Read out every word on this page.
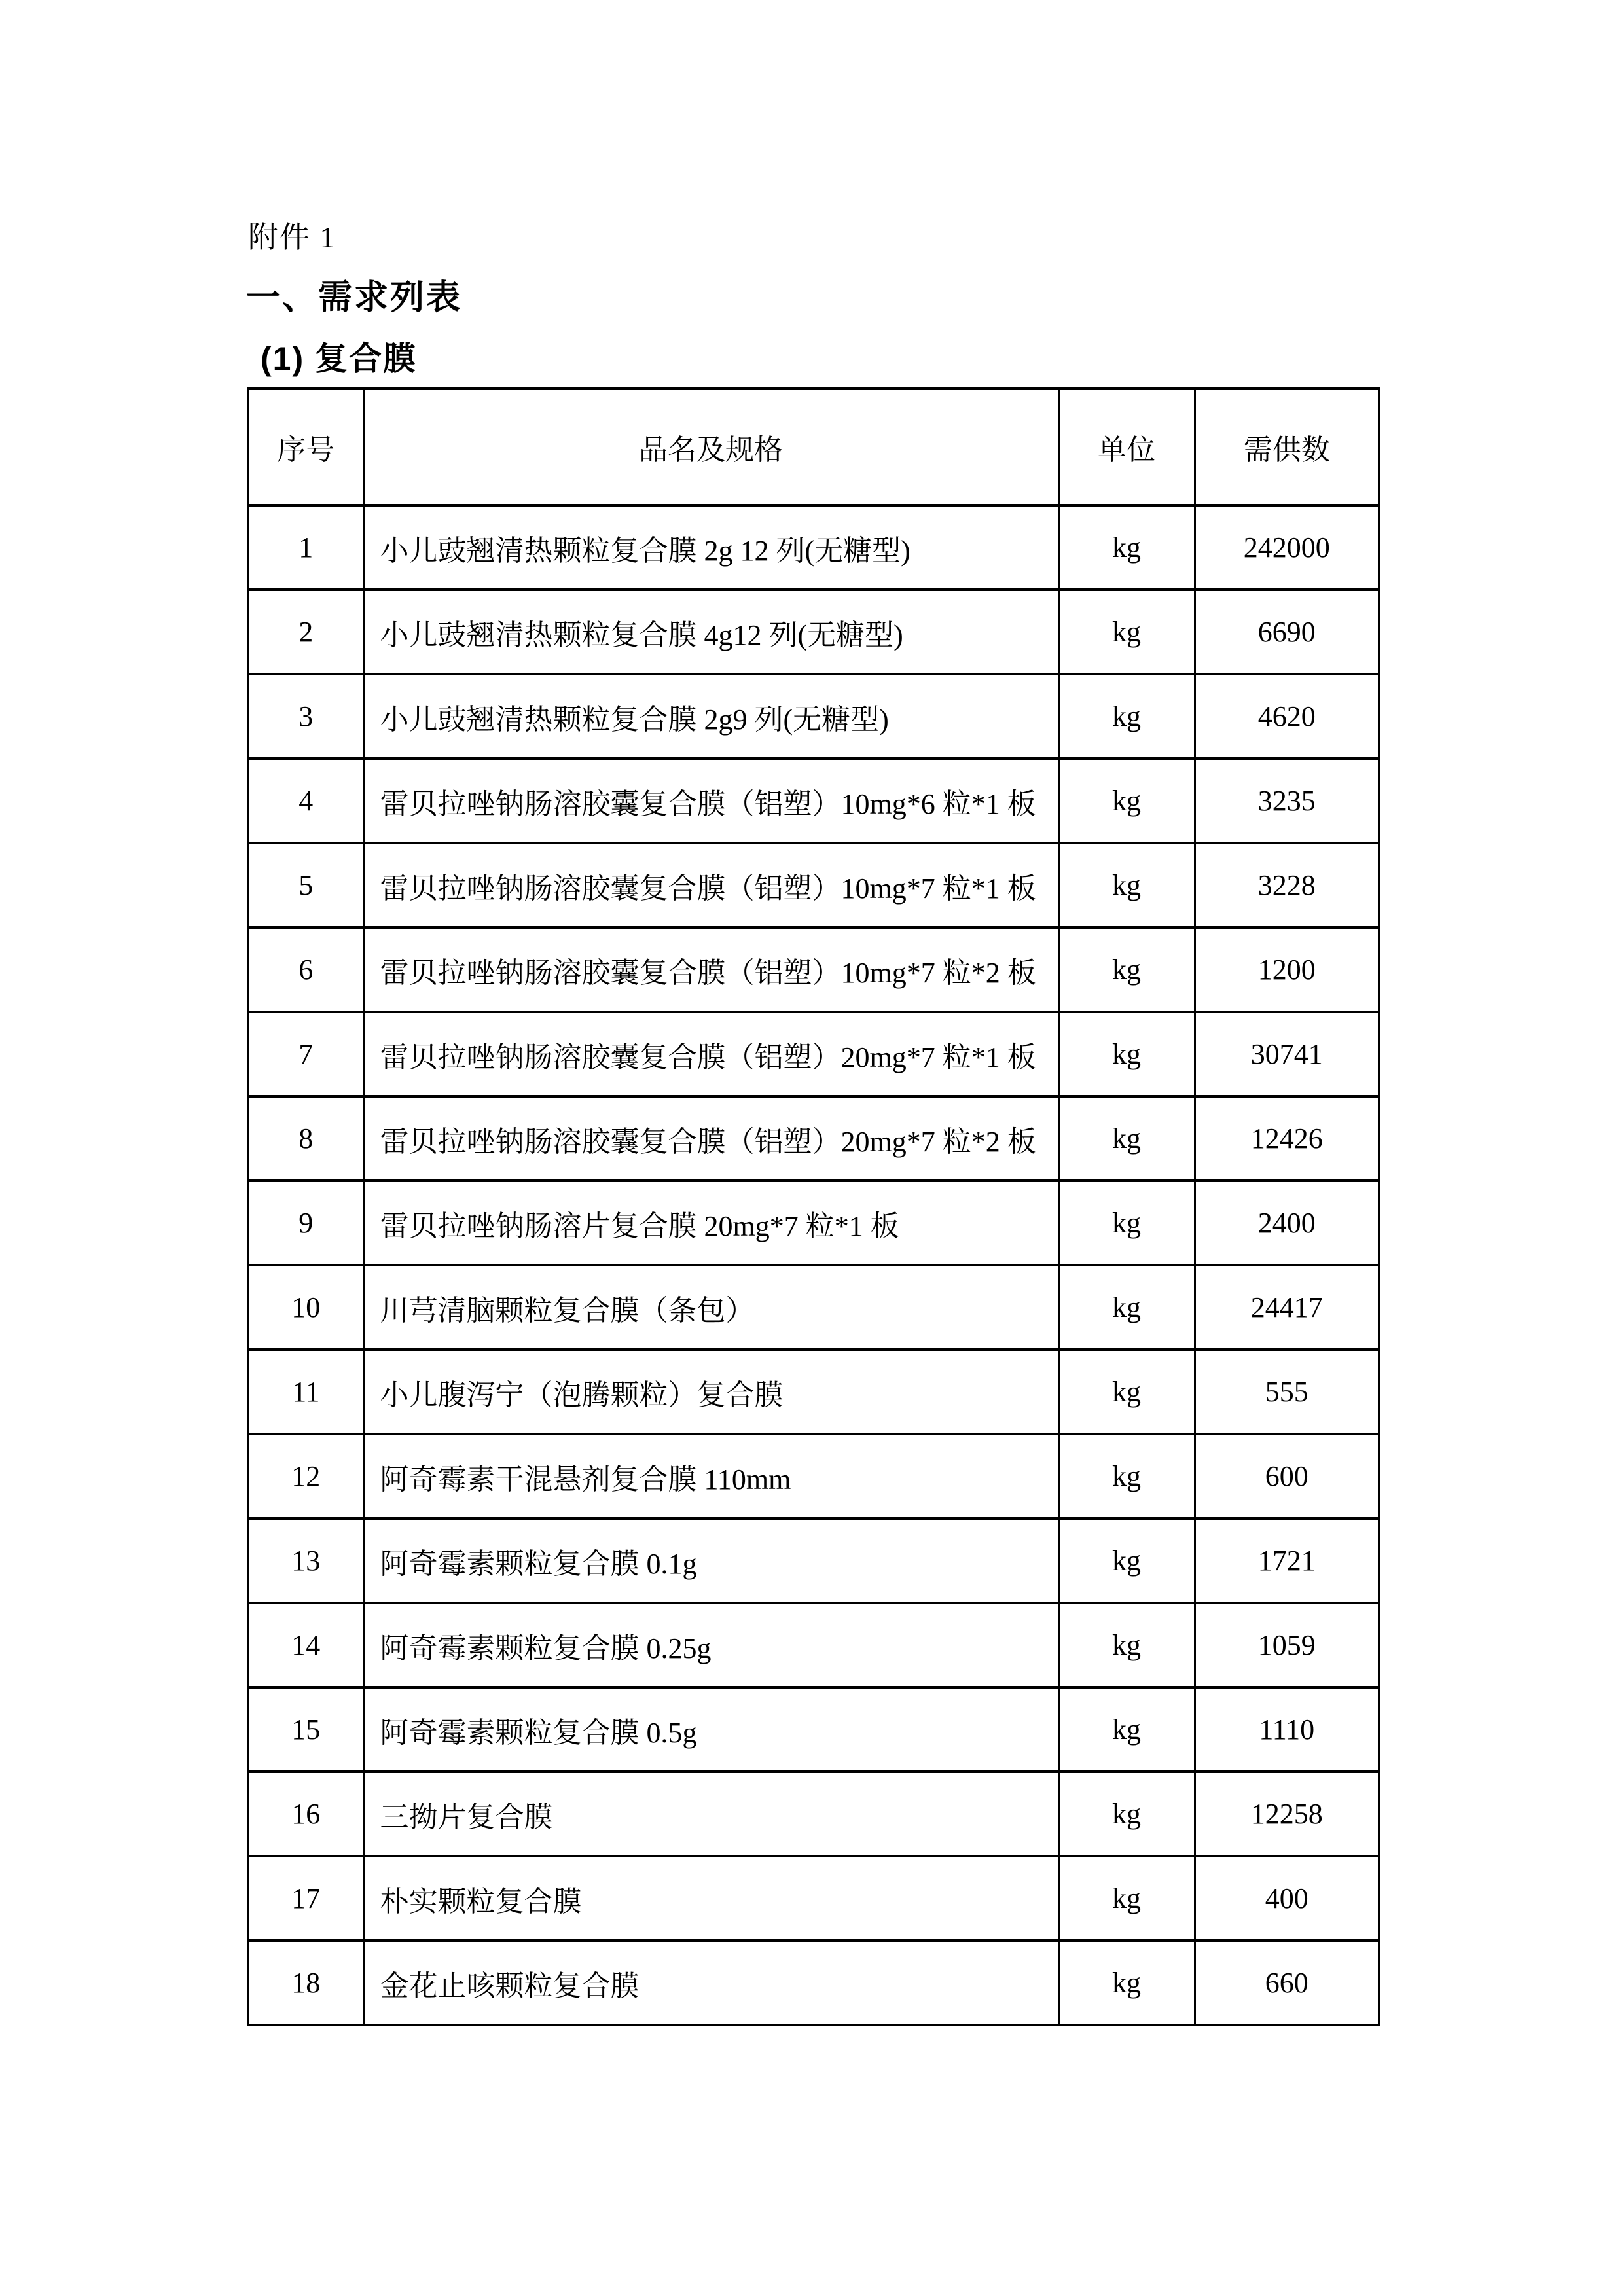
附件 1
一、需求列表
(1) 复合膜
序号	品名及规格	单位	需供数
1	小儿豉翘清热颗粒复合膜 2g 12 列(无糖型)	kg	242000
2	小儿豉翘清热颗粒复合膜 4g12 列(无糖型)	kg	6690
3	小儿豉翘清热颗粒复合膜 2g9 列(无糖型)	kg	4620
4	雷贝拉唑钠肠溶胶囊复合膜（铝塑）10mg*6 粒*1 板	kg	3235
5	雷贝拉唑钠肠溶胶囊复合膜（铝塑）10mg*7 粒*1 板	kg	3228
6	雷贝拉唑钠肠溶胶囊复合膜（铝塑）10mg*7 粒*2 板	kg	1200
7	雷贝拉唑钠肠溶胶囊复合膜（铝塑）20mg*7 粒*1 板	kg	30741
8	雷贝拉唑钠肠溶胶囊复合膜（铝塑）20mg*7 粒*2 板	kg	12426
9	雷贝拉唑钠肠溶片复合膜 20mg*7 粒*1 板	kg	2400
10	川芎清脑颗粒复合膜（条包）	kg	24417
11	小儿腹泻宁（泡腾颗粒）复合膜	kg	555
12	阿奇霉素干混悬剂复合膜 110mm	kg	600
13	阿奇霉素颗粒复合膜 0.1g	kg	1721
14	阿奇霉素颗粒复合膜 0.25g	kg	1059
15	阿奇霉素颗粒复合膜 0.5g	kg	1110
16	三拗片复合膜	kg	12258
17	朴实颗粒复合膜	kg	400
18	金花止咳颗粒复合膜	kg	660
